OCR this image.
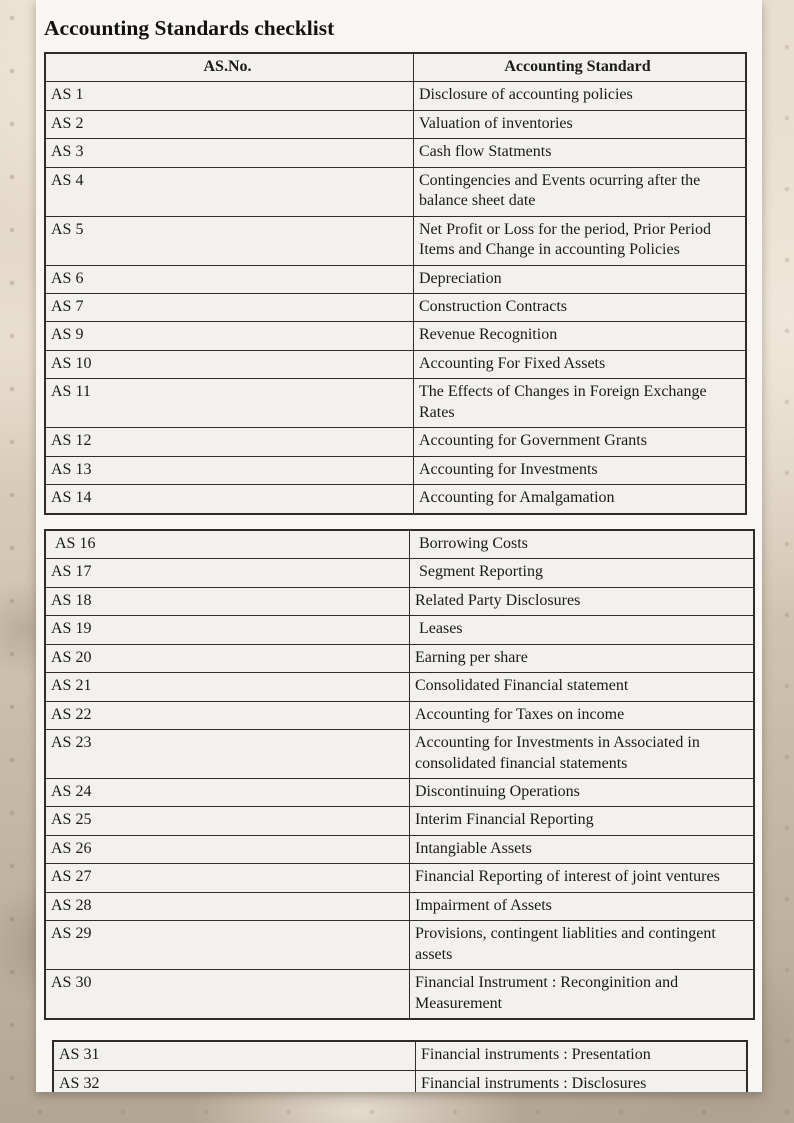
Accounting Standards checklist
AS.No.	Accounting Standard
AS 1	Disclosure of accounting policies
AS 2	Valuation of inventories
AS 3	Cash flow Statments
AS 4	Contingencies and Events ocurring after the balance sheet date
AS 5	Net Profit or Loss for the period, Prior Period Items and Change in accounting Policies
AS 6	Depreciation
AS 7	Construction Contracts
AS 9	Revenue Recognition
AS 10	Accounting For Fixed Assets
AS 11	The Effects of Changes in Foreign Exchange Rates
AS 12	Accounting for Government Grants
AS 13	Accounting for Investments
AS 14	Accounting for Amalgamation
AS 16	Borrowing Costs
AS 17	Segment Reporting
AS 18	Related Party Disclosures
AS 19	Leases
AS 20	Earning per share
AS 21	Consolidated Financial statement
AS 22	Accounting for Taxes on income
AS 23	Accounting for Investments in Associated in consolidated financial statements
AS 24	Discontinuing Operations
AS 25	Interim Financial Reporting
AS 26	Intangiable Assets
AS 27	Financial Reporting of interest of joint ventures
AS 28	Impairment of Assets
AS 29	Provisions, contingent liablities and contingent assets
AS 30	Financial Instrument : Reconginition and Measurement
AS 31	Financial instruments : Presentation
AS 32	Financial instruments : Disclosures
